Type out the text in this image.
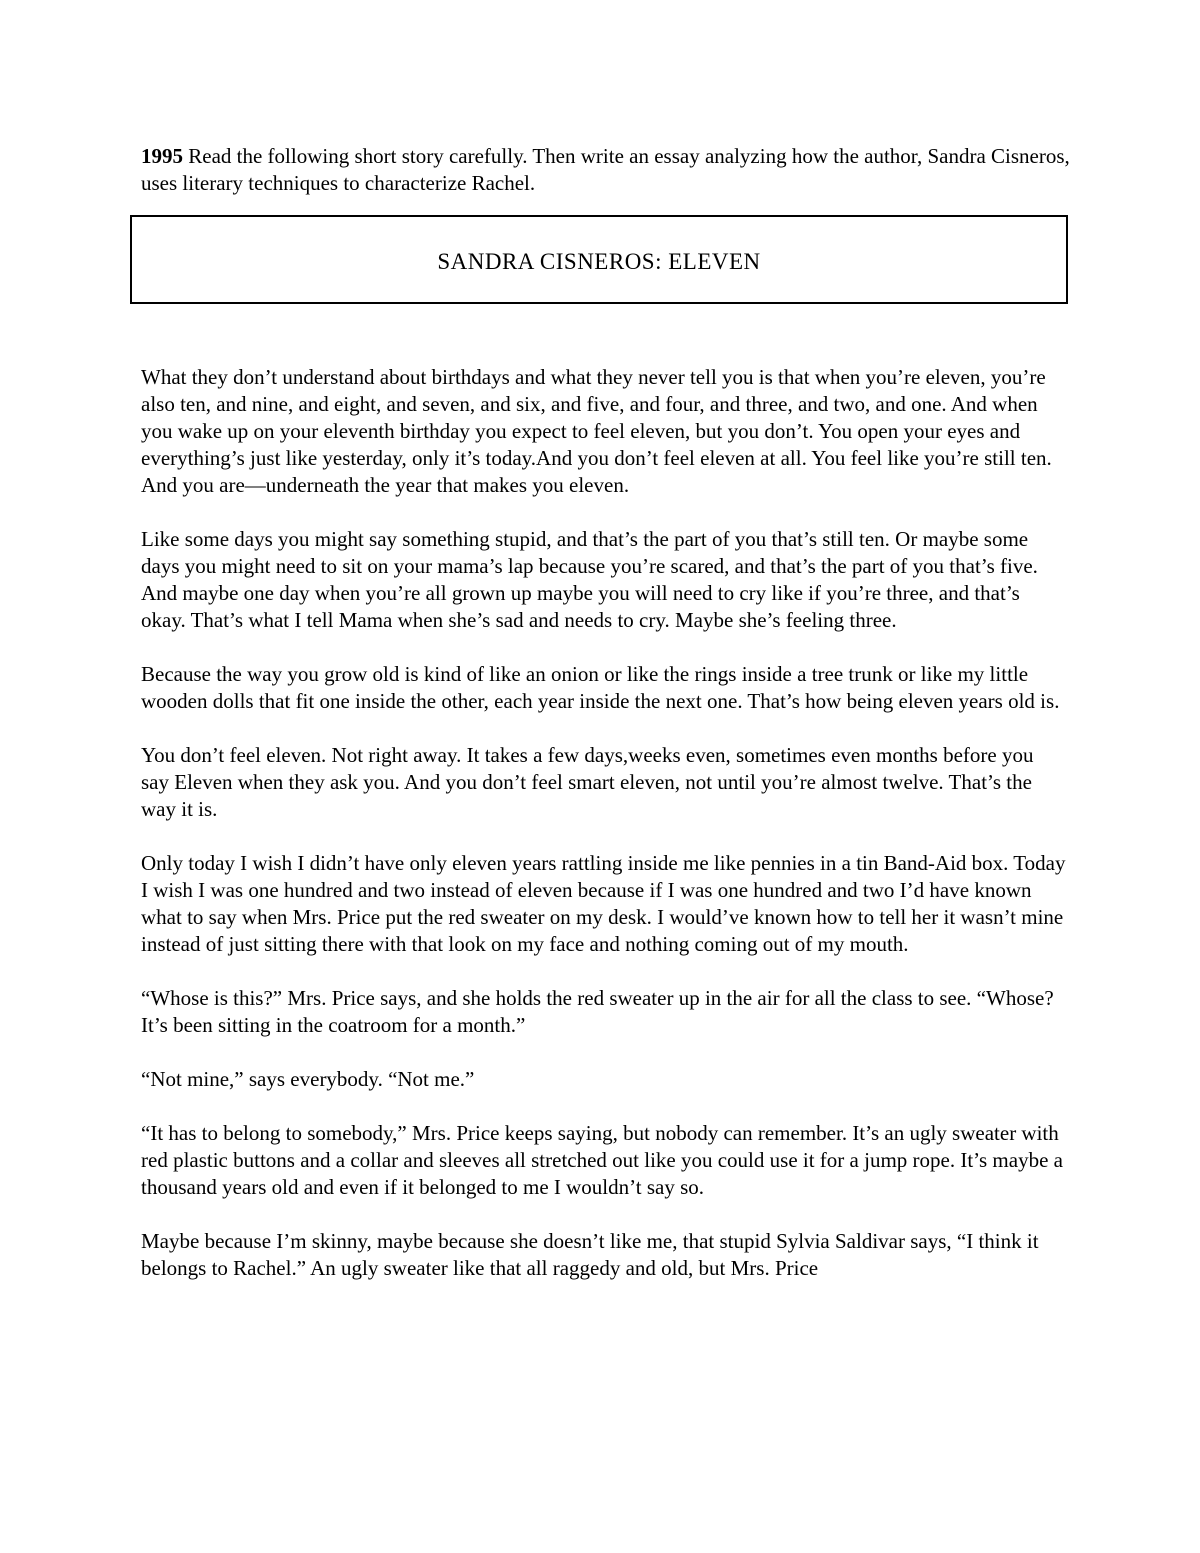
1995 Read the following short story carefully. Then write an essay analyzing how the author, Sandra Cisneros, uses literary techniques to characterize Rachel.

SANDRA CISNEROS: ELEVEN

What they don’t understand about birthdays and what they never tell you is that when you’re eleven, you’re also ten, and nine, and eight, and seven, and six, and five, and four, and three, and two, and one. And when you wake up on your eleventh birthday you expect to feel eleven, but you don’t. You open your eyes and everything’s just like yesterday, only it’s today.And you don’t feel eleven at all. You feel like you’re still ten. And you are—underneath the year that makes you eleven.

Like some days you might say something stupid, and that’s the part of you that’s still ten. Or maybe some days you might need to sit on your mama’s lap because you’re scared, and that’s the part of you that’s five. And maybe one day when you’re all grown up maybe you will need to cry like if you’re three, and that’s okay. That’s what I tell Mama when she’s sad and needs to cry. Maybe she’s feeling three.

Because the way you grow old is kind of like an onion or like the rings inside a tree trunk or like my little wooden dolls that fit one inside the other, each year inside the next one. That’s how being eleven years old is.

You don’t feel eleven. Not right away. It takes a few days,weeks even, sometimes even months before you say Eleven when they ask you. And you don’t feel smart eleven, not until you’re almost twelve. That’s the way it is.

Only today I wish I didn’t have only eleven years rattling inside me like pennies in a tin Band-Aid box. Today I wish I was one hundred and two instead of eleven because if I was one hundred and two I’d have known what to say when Mrs. Price put the red sweater on my desk. I would’ve known how to tell her it wasn’t mine instead of just sitting there with that look on my face and nothing coming out of my mouth.

“Whose is this?” Mrs. Price says, and she holds the red sweater up in the air for all the class to see. “Whose? It’s been sitting in the coatroom for a month.”

“Not mine,” says everybody. “Not me.”

“It has to belong to somebody,” Mrs. Price keeps saying, but nobody can remember. It’s an ugly sweater with red plastic buttons and a collar and sleeves all stretched out like you could use it for a jump rope. It’s maybe a thousand years old and even if it belonged to me I wouldn’t say so.

Maybe because I’m skinny, maybe because she doesn’t like me, that stupid Sylvia Saldivar says, “I think it belongs to Rachel.” An ugly sweater like that all raggedy and old, but Mrs. Price
